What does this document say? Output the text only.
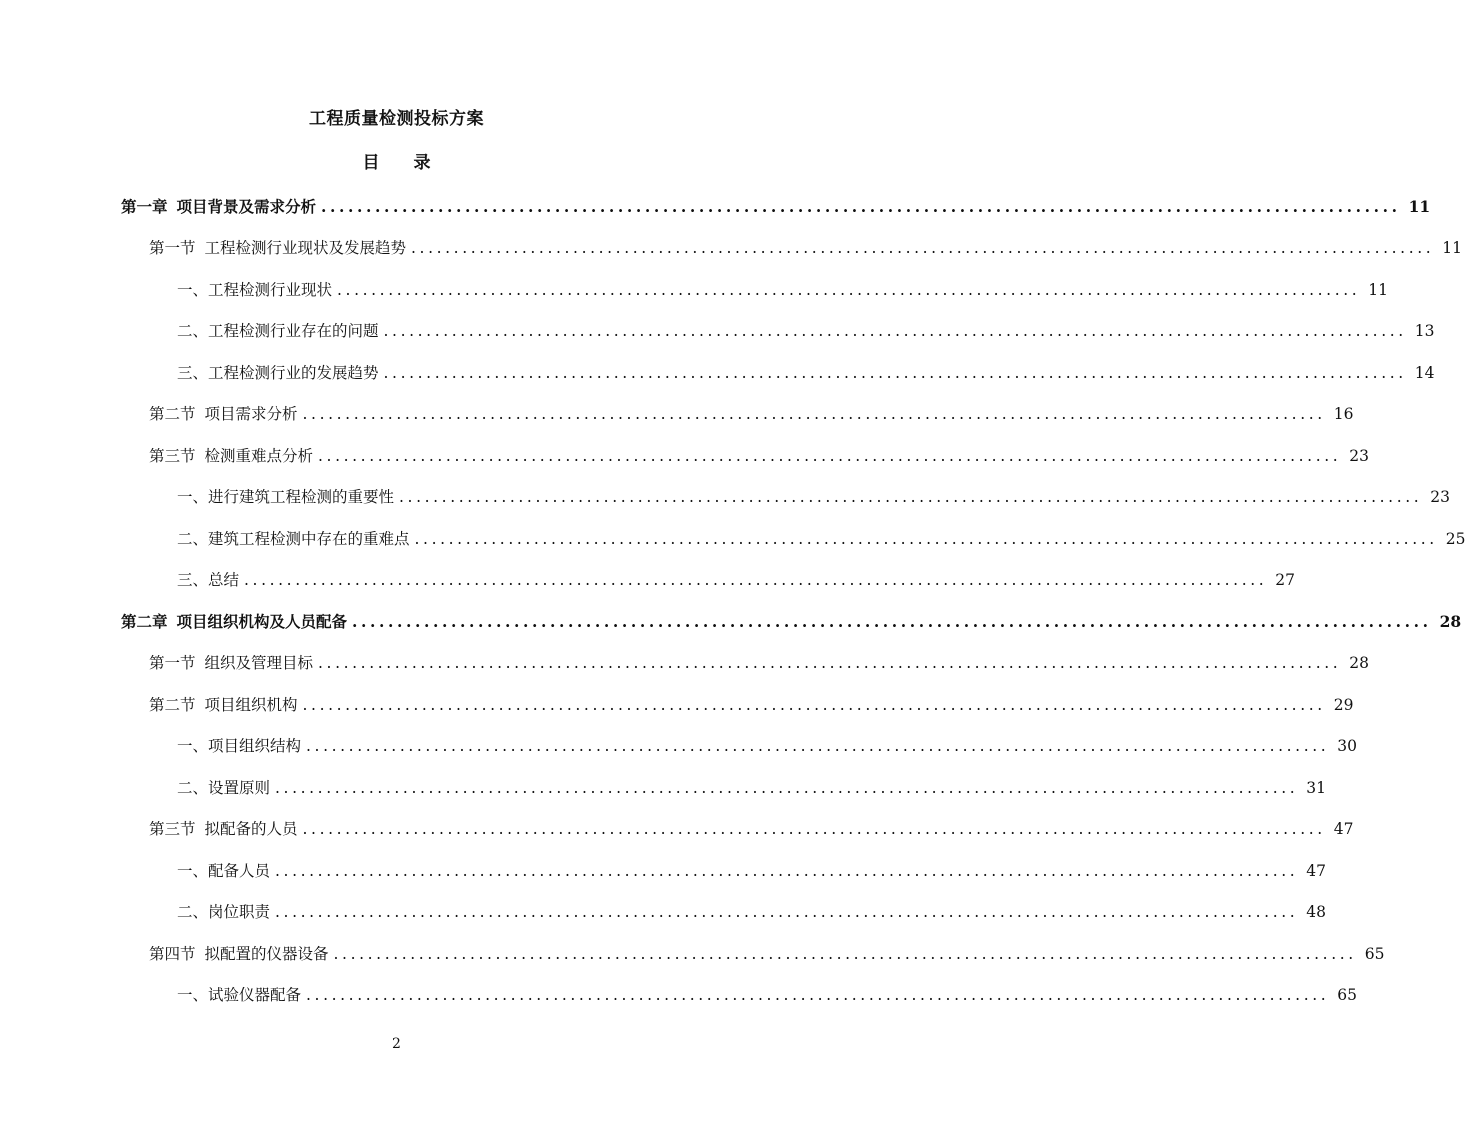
工程质量检测投标方案
目 录
第一章 项目背景及需求分析 ........................................................................................................................ 11
第一节 工程检测行业现状及发展趋势 ........................................................................................................................ 11
一、工程检测行业现状 ........................................................................................................................ 11
二、工程检测行业存在的问题 ........................................................................................................................ 13
三、工程检测行业的发展趋势 ........................................................................................................................ 14
第二节 项目需求分析 ........................................................................................................................ 16
第三节 检测重难点分析 ........................................................................................................................ 23
一、进行建筑工程检测的重要性 ........................................................................................................................ 23
二、建筑工程检测中存在的重难点 ........................................................................................................................ 25
三、总结 ........................................................................................................................ 27
第二章 项目组织机构及人员配备 ........................................................................................................................ 28
第一节 组织及管理目标 ........................................................................................................................ 28
第二节 项目组织机构 ........................................................................................................................ 29
一、项目组织结构 ........................................................................................................................ 30
二、设置原则 ........................................................................................................................ 31
第三节 拟配备的人员 ........................................................................................................................ 47
一、配备人员 ........................................................................................................................ 47
二、岗位职责 ........................................................................................................................ 48
第四节 拟配置的仪器设备 ........................................................................................................................ 65
一、试验仪器配备 ........................................................................................................................ 65
2
